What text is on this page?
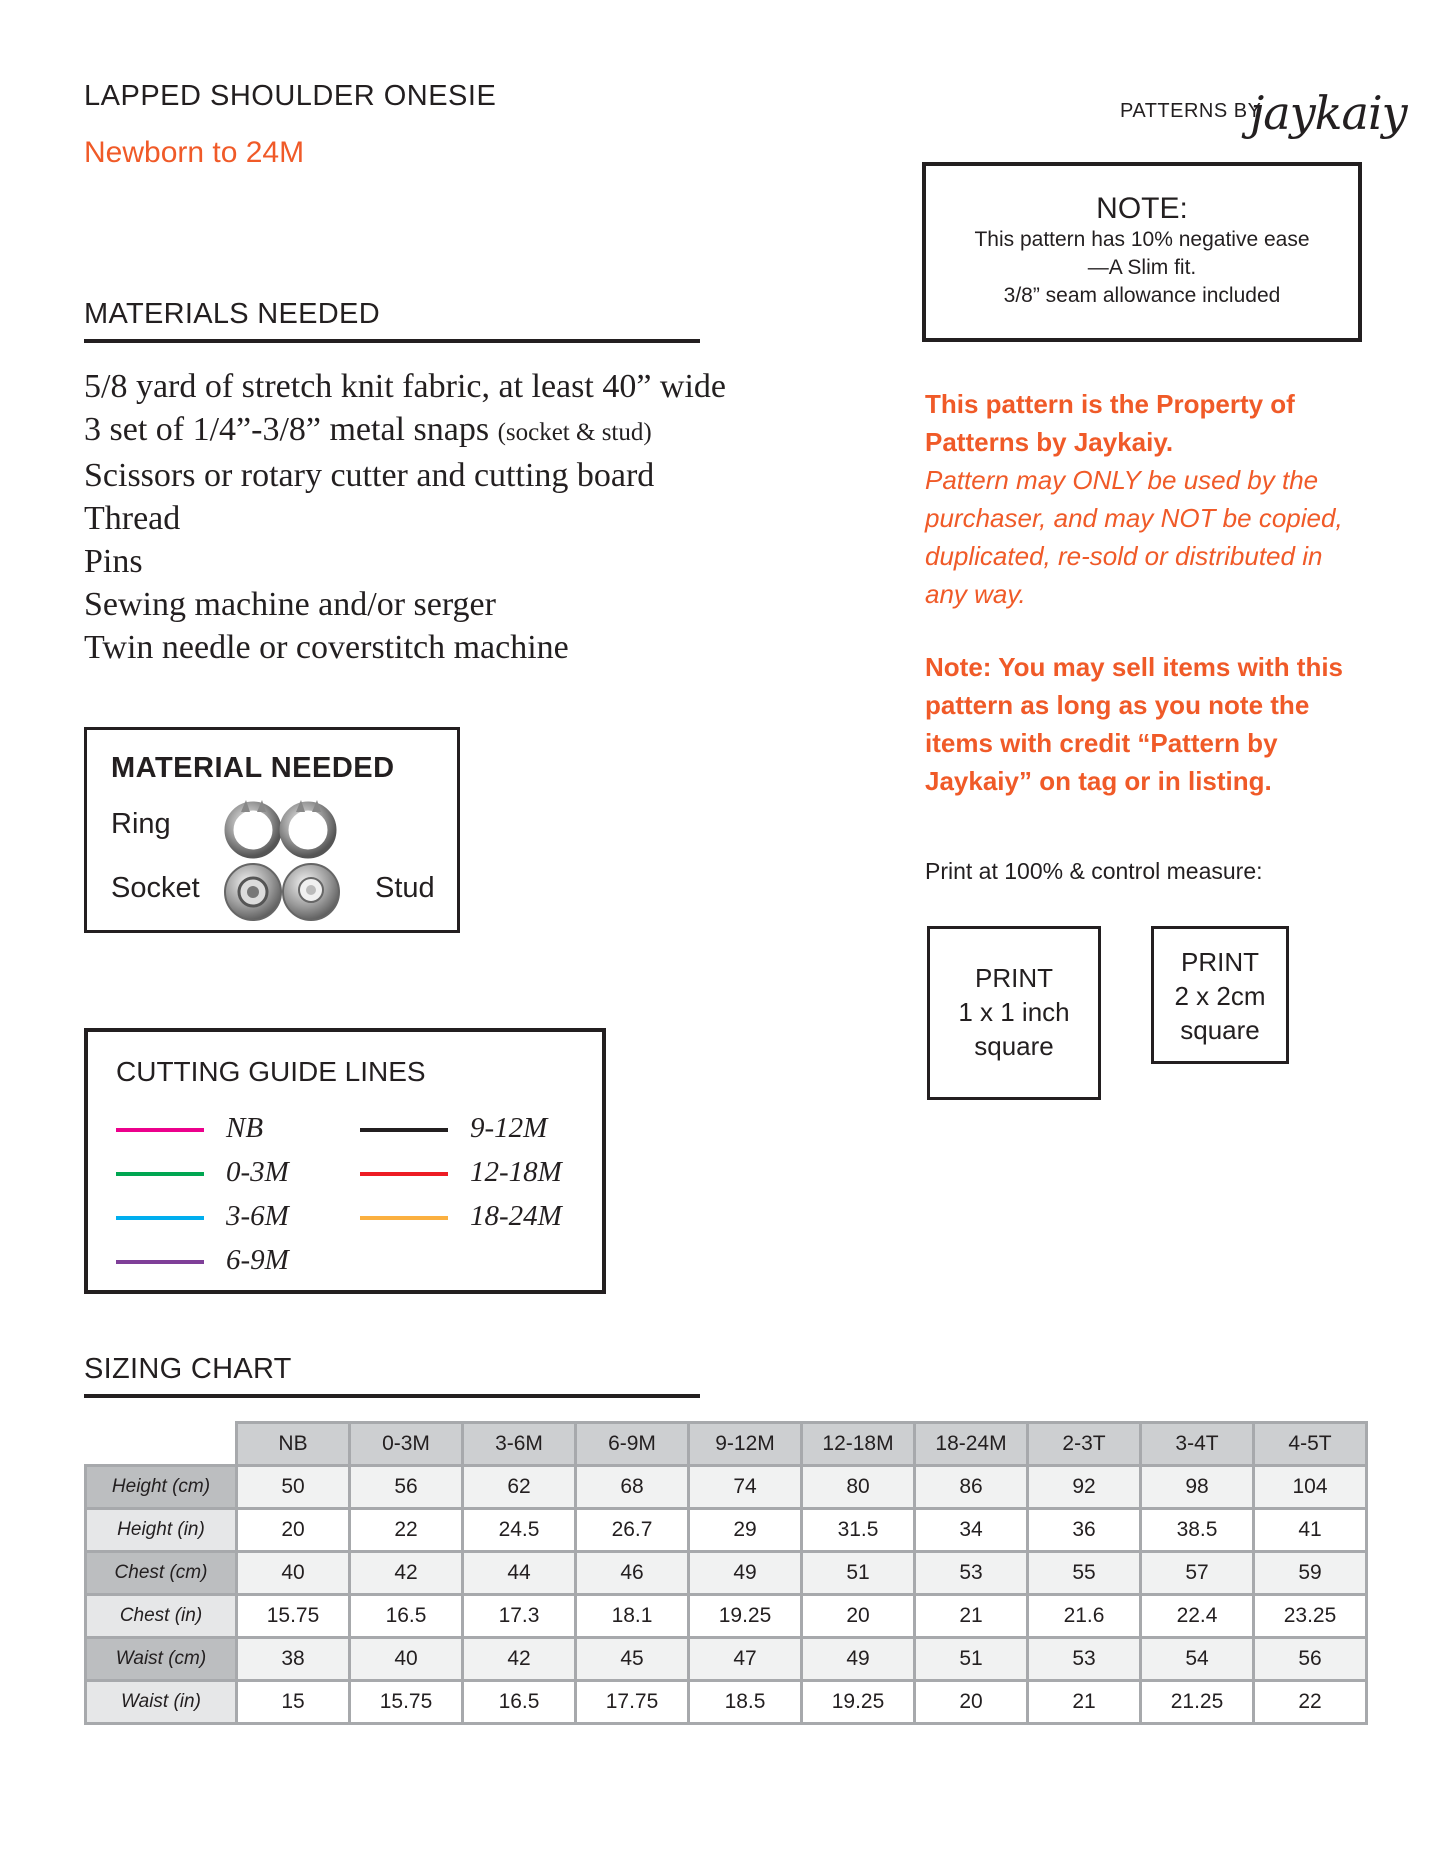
LAPPED SHOULDER ONESIE
Newborn to 24M
PATTERNS BY
jaykaiy
NOTE:
This pattern has 10% negative ease
—A Slim fit.
3/8” seam allowance included
MATERIALS NEEDED
5/8 yard of stretch knit fabric, at least 40” wide
3 set of 1/4”-3/8” metal snaps (socket & stud)
Scissors or rotary cutter and cutting board
Thread
Pins
Sewing machine and/or serger
Twin needle or coverstitch machine
MATERIAL NEEDED
Ring
Socket	Stud
CUTTING GUIDE LINES
NB
0-3M
3-6M
6-9M
9-12M
12-18M
18-24M
This pattern is the Property of
Patterns by Jaykaiy.
Pattern may ONLY be used by the
purchaser, and may NOT be copied,
duplicated, re-sold or distributed in
any way.
Note: You may sell items with this
pattern as long as you note the
items with credit “Pattern by
Jaykaiy” on tag or in listing.
Print at 100% & control measure:
PRINT
1 x 1 inch
square
PRINT
2 x 2cm
square
SIZING CHART
	NB	0-3M	3-6M	6-9M	9-12M	12-18M	18-24M	2-3T	3-4T	4-5T
Height (cm)	50	56	62	68	74	80	86	92	98	104
Height (in)	20	22	24.5	26.7	29	31.5	34	36	38.5	41
Chest (cm)	40	42	44	46	49	51	53	55	57	59
Chest (in)	15.75	16.5	17.3	18.1	19.25	20	21	21.6	22.4	23.25
Waist (cm)	38	40	42	45	47	49	51	53	54	56
Waist (in)	15	15.75	16.5	17.75	18.5	19.25	20	21	21.25	22
